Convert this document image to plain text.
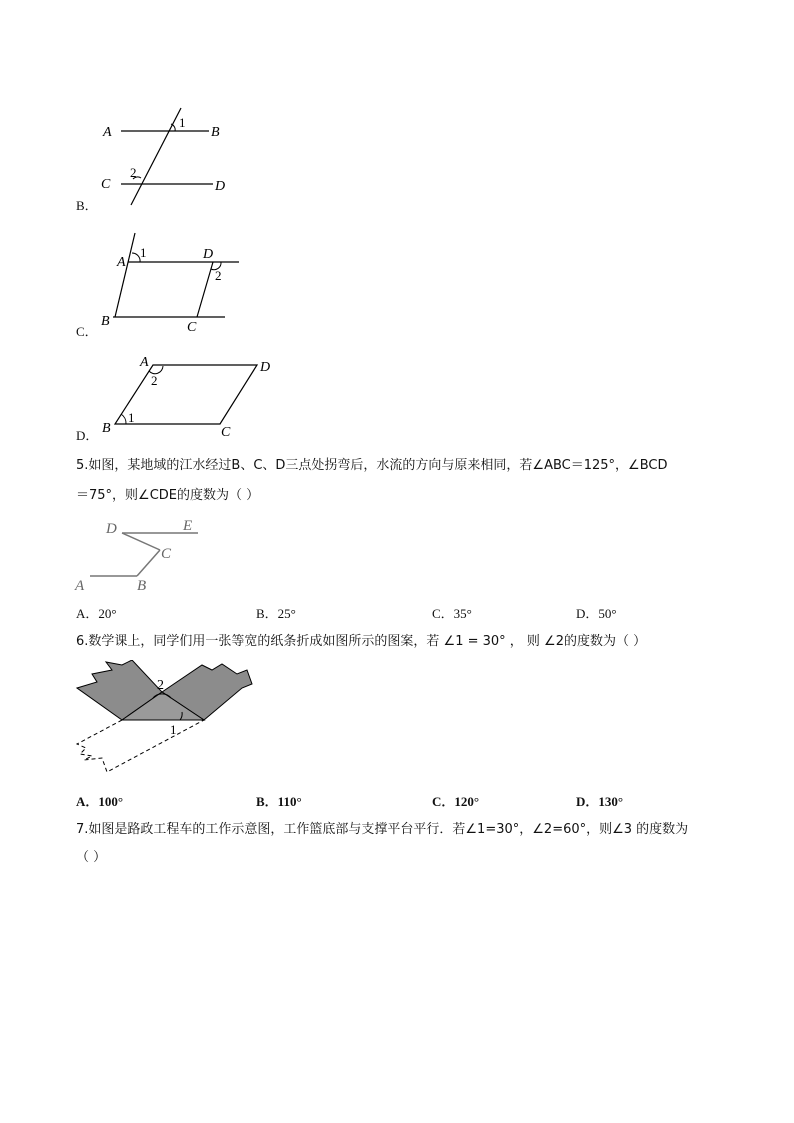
A	B
C	D
1
2
B．
A
1	D
2
B	C
C．
A	D
2
1
B	C
D．
5.如图，某地域的江水经过B、C、D三点处拐弯后，水流的方向与原来相同，若∠ABC＝125°，∠BCD
＝75°，则∠CDE的度数为（ ）
D	E
C
A	B
A．20°	B．25°	C．35°	D．50°
6.数学课上，同学们用一张等宽的纸条折成如图所示的图案，若 ∠1 = 30° ， 则 ∠2的度数为（ ）
2
1
A．100°	B．110°	C．120°	D．130°
7.如图是路政工程车的工作示意图，工作篮底部与支撑平台平行．若∠1=30°，∠2=60°，则∠3 的度数为
（ ）
